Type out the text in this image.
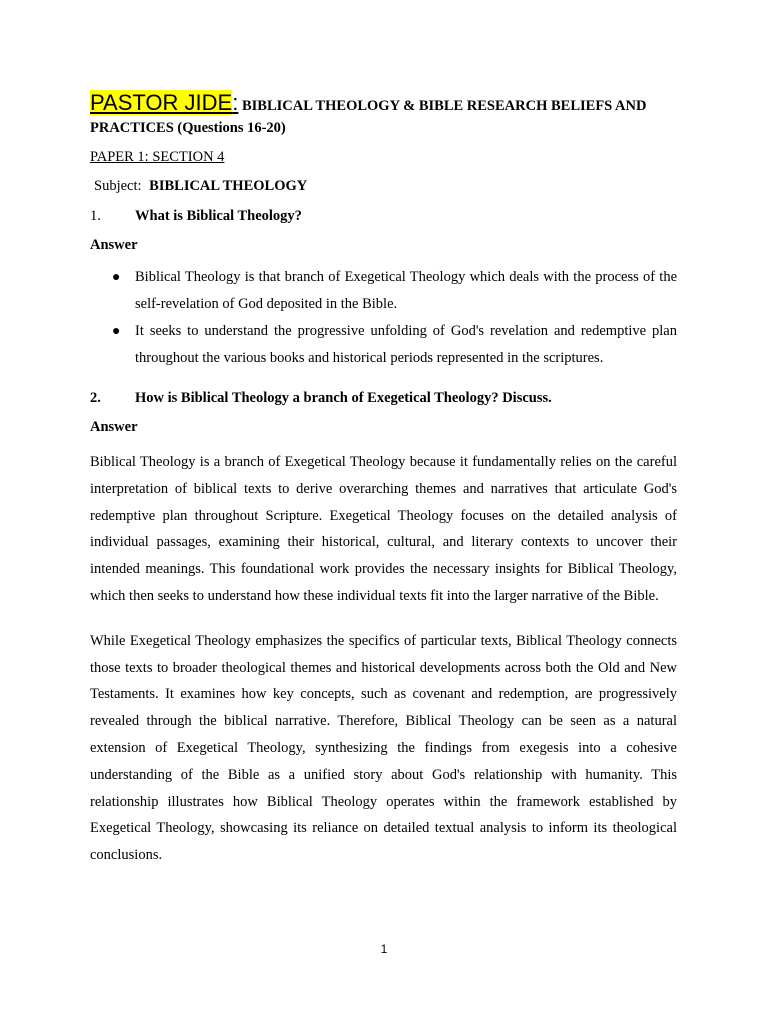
PASTOR JIDE: BIBLICAL THEOLOGY & BIBLE RESEARCH BELIEFS AND PRACTICES (Questions 16-20)
PAPER 1: SECTION 4
Subject: BIBLICAL THEOLOGY
1.	What is Biblical Theology?
Answer
● Biblical Theology is that branch of Exegetical Theology which deals with the process of the self-revelation of God deposited in the Bible.
● It seeks to understand the progressive unfolding of God's revelation and redemptive plan throughout the various books and historical periods represented in the scriptures.
2.	How is Biblical Theology a branch of Exegetical Theology? Discuss.
Answer
Biblical Theology is a branch of Exegetical Theology because it fundamentally relies on the careful interpretation of biblical texts to derive overarching themes and narratives that articulate God's redemptive plan throughout Scripture. Exegetical Theology focuses on the detailed analysis of individual passages, examining their historical, cultural, and literary contexts to uncover their intended meanings. This foundational work provides the necessary insights for Biblical Theology, which then seeks to understand how these individual texts fit into the larger narrative of the Bible.
While Exegetical Theology emphasizes the specifics of particular texts, Biblical Theology connects those texts to broader theological themes and historical developments across both the Old and New Testaments. It examines how key concepts, such as covenant and redemption, are progressively revealed through the biblical narrative. Therefore, Biblical Theology can be seen as a natural extension of Exegetical Theology, synthesizing the findings from exegesis into a cohesive understanding of the Bible as a unified story about God's relationship with humanity. This relationship illustrates how Biblical Theology operates within the framework established by Exegetical Theology, showcasing its reliance on detailed textual analysis to inform its theological conclusions.
1
